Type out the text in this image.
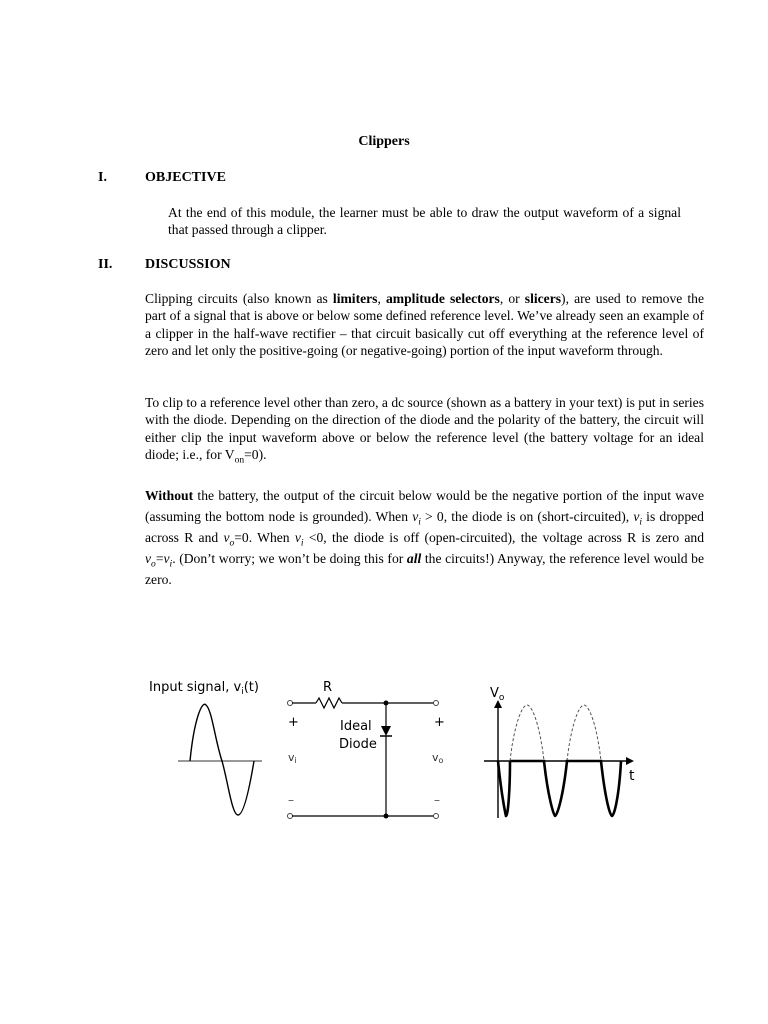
Clippers
I.	OBJECTIVE
At the end of this module, the learner must be able to draw the output waveform of a signal that passed through a clipper.
II. DISCUSSION

Clipping circuits (also known as limiters, amplitude selectors, or slicers), are used to remove the part of a signal that is above or below some defined reference level. We’ve already seen an example of a clipper in the half-wave rectifier – that circuit basically cut off everything at the reference level of zero and let only the positive-going (or negative-going) portion of the input waveform through.

To clip to a reference level other than zero, a dc source (shown as a battery in your text) is put in series with the diode. Depending on the direction of the diode and the polarity of the battery, the circuit will either clip the input waveform above or below the reference level (the battery voltage for an ideal diode; i.e., for $V_{on}=0$).

Without the battery, the output of the circuit below would be the negative portion of the input wave (assuming the bottom node is grounded). When $v_i > 0$, the diode is on (short-circuited), $v_i$ is dropped across R and $v_o=0$. When $v_i <0$, the diode is off (open-circuited), the voltage across R is zero and $v_o=v_i$. (Don’t worry; we won’t be doing this for all the circuits!) Anyway, the reference level would be zero.
Input signal, $v_i(t)$	R
Ideal
Diode
+	+
vi	vo
–	–
$V_o$
t
